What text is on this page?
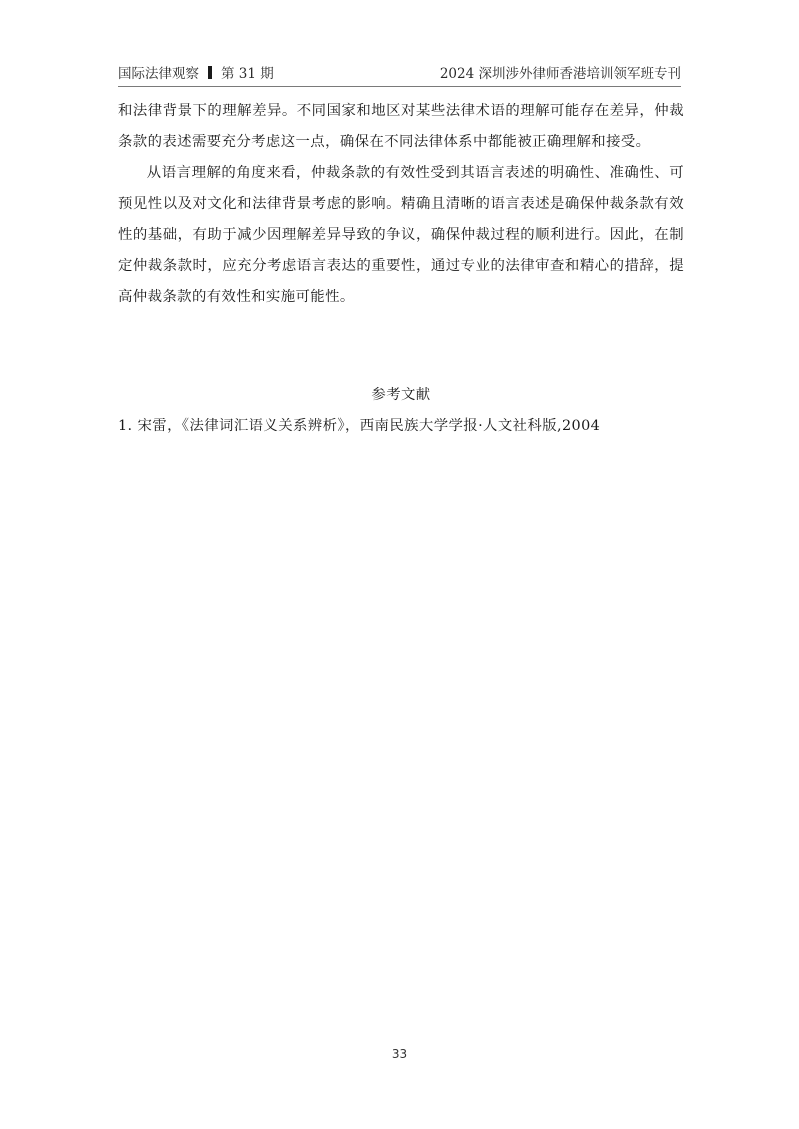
国际法律观察 第 31 期	2024 深圳涉外律师香港培训领军班专刊

和法律背景下的理解差异。不同国家和地区对某些法律术语的理解可能存在差异，仲裁条款的表述需要充分考虑这一点，确保在不同法律体系中都能被正确理解和接受。

从语言理解的角度来看，仲裁条款的有效性受到其语言表述的明确性、准确性、可预见性以及对文化和法律背景考虑的影响。精确且清晰的语言表述是确保仲裁条款有效性的基础，有助于减少因理解差异导致的争议，确保仲裁过程的顺利进行。因此，在制定仲裁条款时，应充分考虑语言表达的重要性，通过专业的法律审查和精心的措辞，提高仲裁条款的有效性和实施可能性。

参考文献

1. 宋雷，《法律词汇语义关系辨析》，西南民族大学学报·人文社科版,2004

33
